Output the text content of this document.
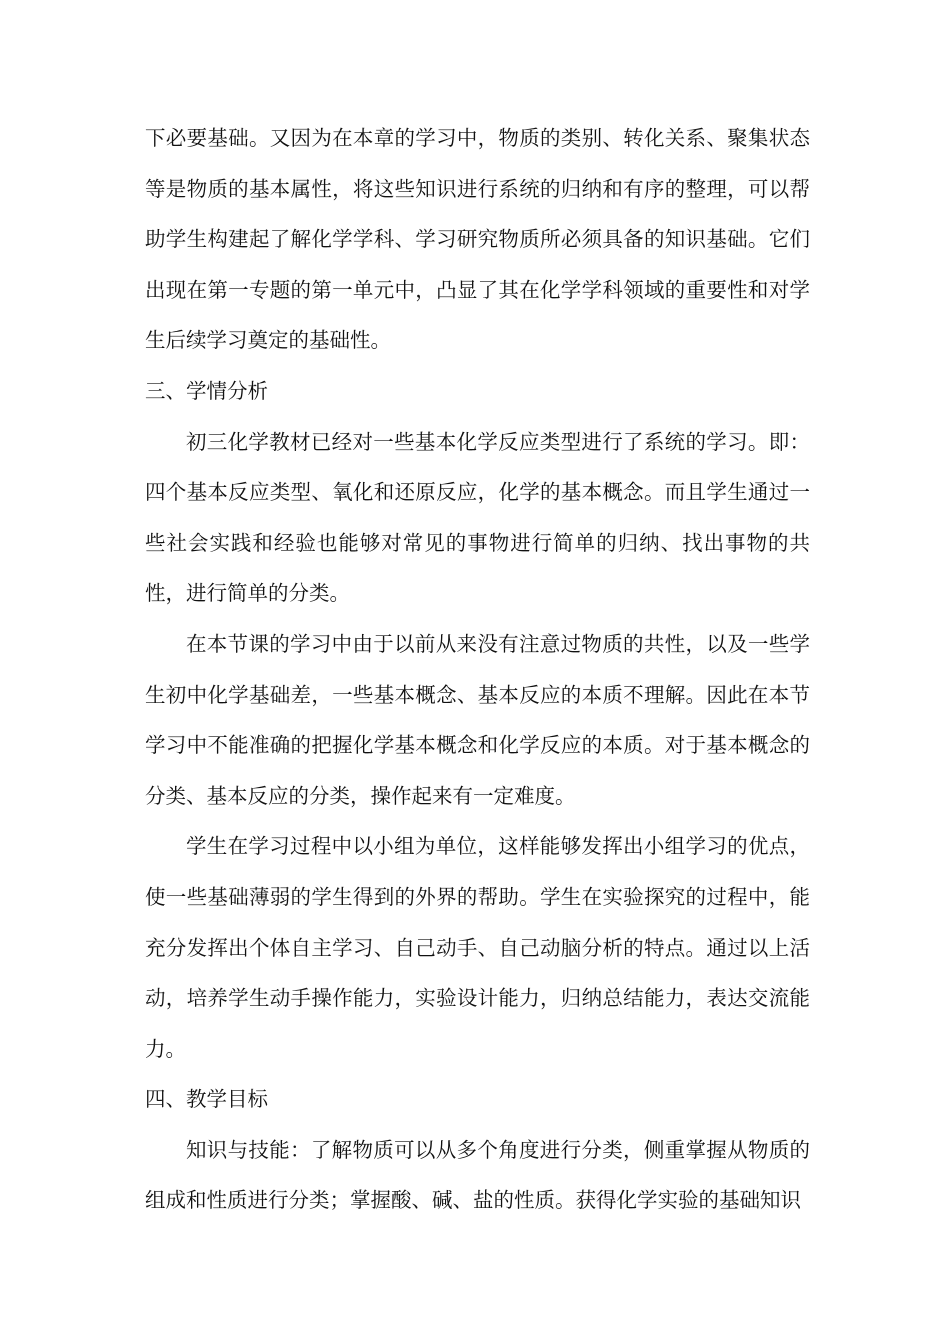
下必要基础。又因为在本章的学习中，物质的类别、转化关系、聚集状态等是物质的基本属性，将这些知识进行系统的归纳和有序的整理，可以帮助学生构建起了解化学学科、学习研究物质所必须具备的知识基础。它们出现在第一专题的第一单元中，凸显了其在化学学科领域的重要性和对学生后续学习奠定的基础性。

三、学情分析

初三化学教材已经对一些基本化学反应类型进行了系统的学习。即：四个基本反应类型、氧化和还原反应，化学的基本概念。而且学生通过一些社会实践和经验也能够对常见的事物进行简单的归纳、找出事物的共性，进行简单的分类。

在本节课的学习中由于以前从来没有注意过物质的共性，以及一些学生初中化学基础差，一些基本概念、基本反应的本质不理解。因此在本节学习中不能准确的把握化学基本概念和化学反应的本质。对于基本概念的分类、基本反应的分类，操作起来有一定难度。

学生在学习过程中以小组为单位，这样能够发挥出小组学习的优点，使一些基础薄弱的学生得到的外界的帮助。学生在实验探究的过程中，能充分发挥出个体自主学习、自己动手、自己动脑分析的特点。通过以上活动，培养学生动手操作能力，实验设计能力，归纳总结能力，表达交流能力。

四、教学目标

知识与技能：了解物质可以从多个角度进行分类，侧重掌握从物质的组成和性质进行分类；掌握酸、碱、盐的性质。获得化学实验的基础知识
